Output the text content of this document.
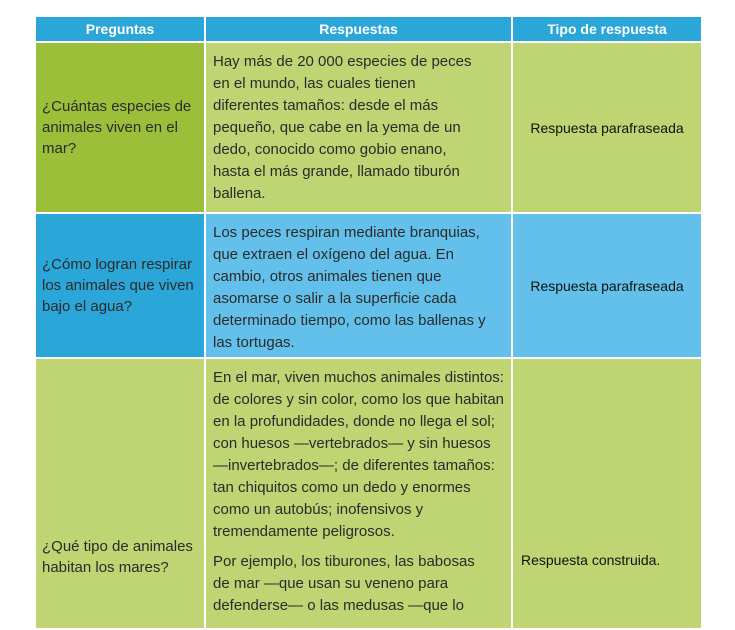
Preguntas	Respuestas	Tipo de respuesta
¿Cuántas especies de animales viven en el mar?
Hay más de 20 000 especies de peces en el mundo, las cuales tienen diferentes tamaños: desde el más pequeño, que cabe en la yema de un dedo, conocido como gobio enano, hasta el más grande, llamado tiburón ballena.
Respuesta parafraseada
¿Cómo logran respirar los animales que viven bajo el agua?
Los peces respiran mediante branquias, que extraen el oxígeno del agua. En cambio, otros animales tienen que asomarse o salir a la superficie cada determinado tiempo, como las ballenas y las tortugas.
Respuesta parafraseada
¿Qué tipo de animales habitan los mares?
En el mar, viven muchos animales distintos: de colores y sin color, como los que habitan en la profundidades, donde no llega el sol; con huesos —vertebrados— y sin huesos —invertebrados—; de diferentes tamaños: tan chiquitos como un dedo y enormes como un autobús; inofensivos y tremendamente peligrosos.
Por ejemplo, los tiburones, las babosas de mar —que usan su veneno para defenderse— o las medusas —que lo
Respuesta construida.
